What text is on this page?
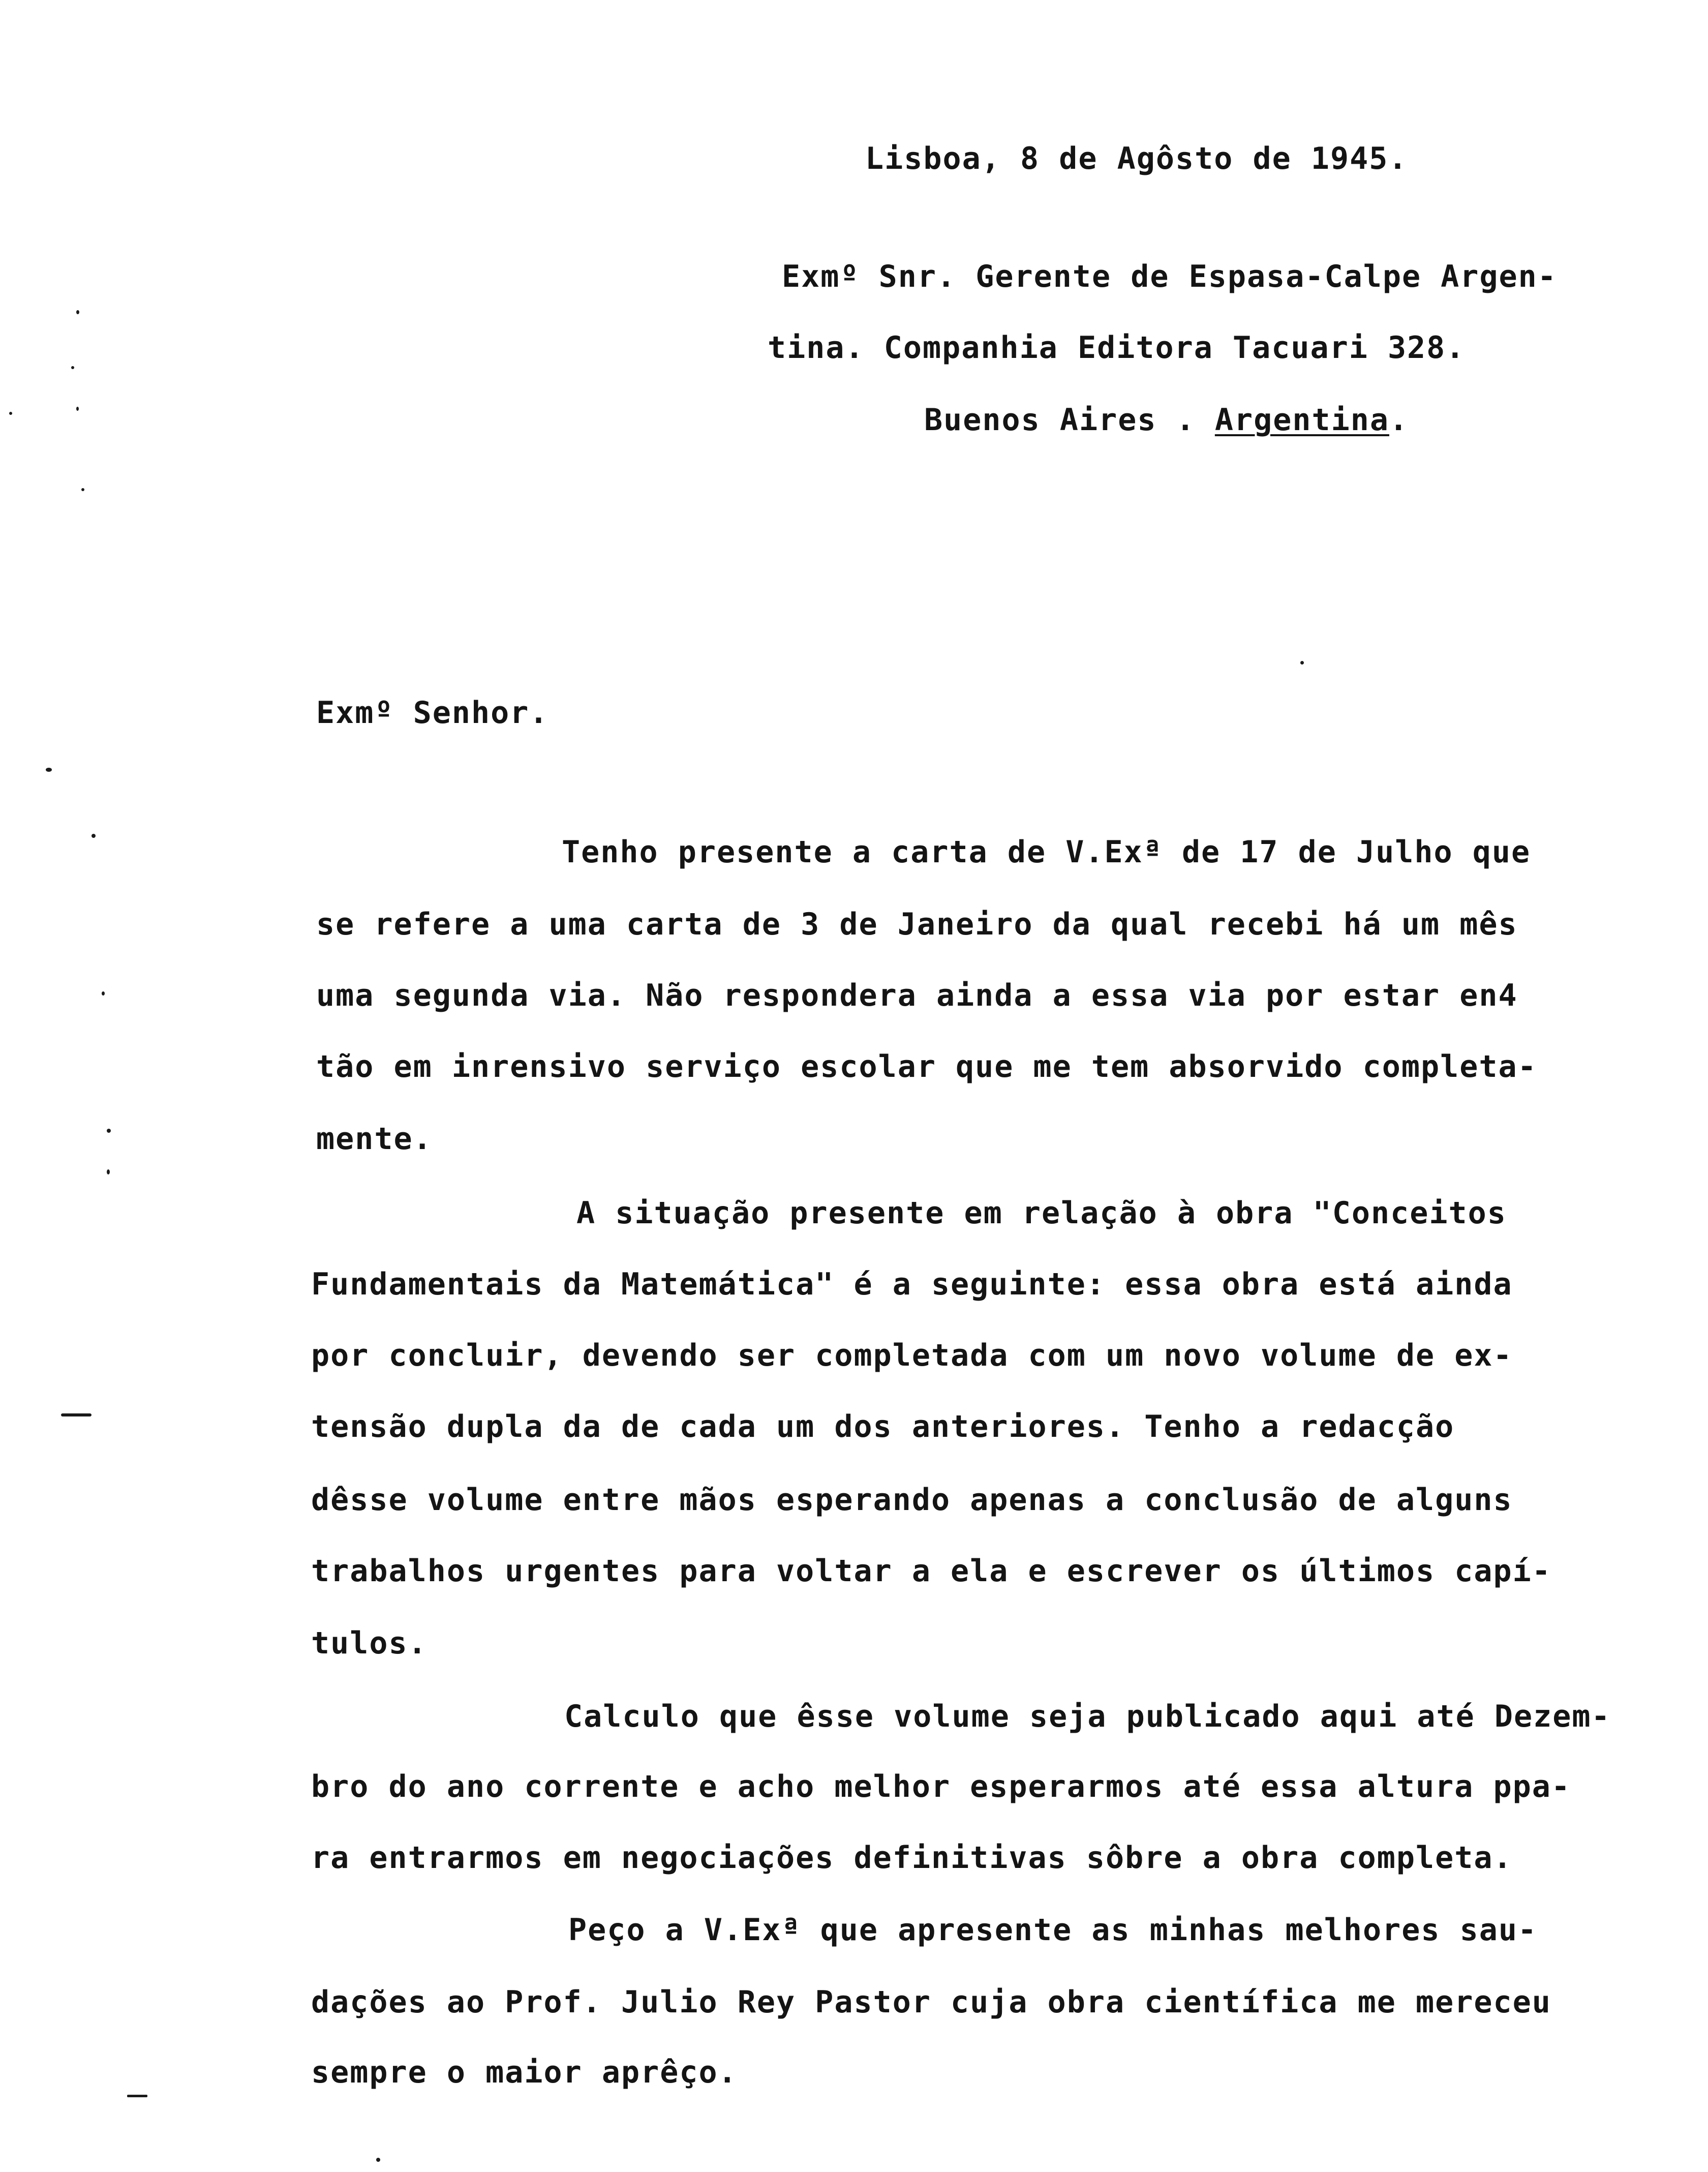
Lisboa, 8 de Agôsto de 1945.
Exmº Snr. Gerente de Espasa-Calpe Argen-
tina. Companhia Editora Tacuari 328.
Buenos Aires . Argentina.
Exmº Senhor.
Tenho presente a carta de V.Exª de 17 de Julho que
se refere a uma carta de 3 de Janeiro da qual recebi há um mês
uma segunda via. Não respondera ainda a essa via por estar en4
tão em inrensivo serviço escolar que me tem absorvido completa-
mente.
A situação presente em relação à obra "Conceitos
Fundamentais da Matemática" é a seguinte: essa obra está ainda
por concluir, devendo ser completada com um novo volume de ex-
tensão dupla da de cada um dos anteriores. Tenho a redacção
dêsse volume entre mãos esperando apenas a conclusão de alguns
trabalhos urgentes para voltar a ela e escrever os últimos capí-
tulos.
Calculo que êsse volume seja publicado aqui até Dezem-
bro do ano corrente e acho melhor esperarmos até essa altura ppa-
ra entrarmos em negociações definitivas sôbre a obra completa.
Peço a V.Exª que apresente as minhas melhores sau-
dações ao Prof. Julio Rey Pastor cuja obra científica me mereceu
sempre o maior aprêço.
